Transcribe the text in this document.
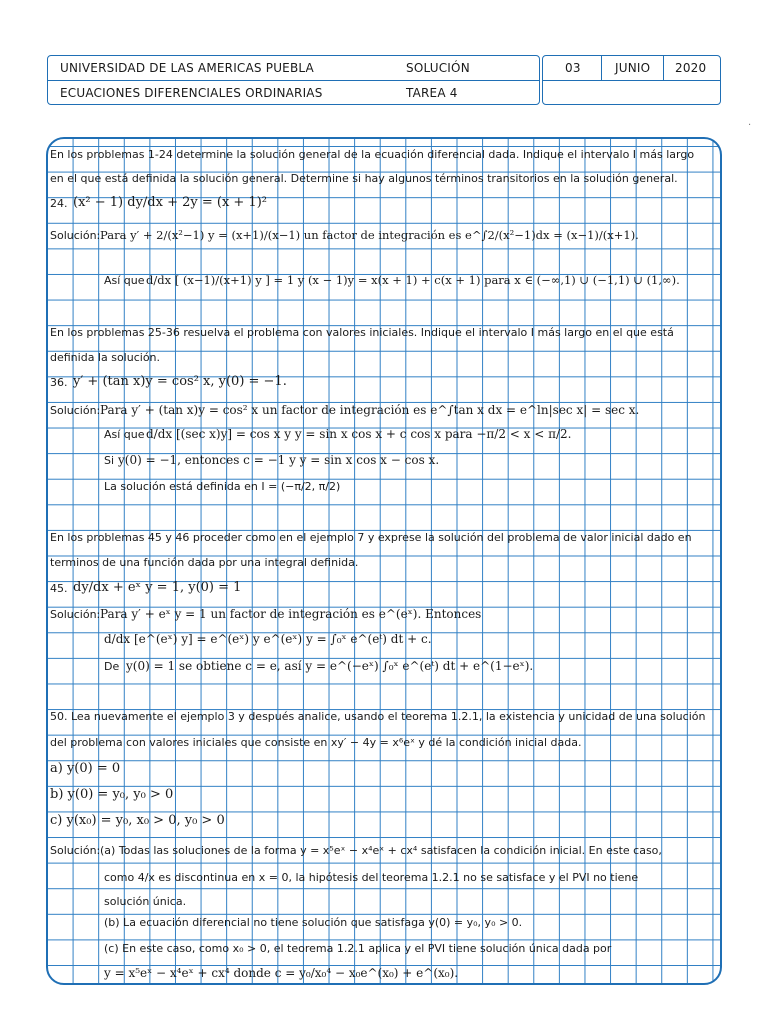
UNIVERSIDAD DE LAS AMERICAS PUEBLA	SOLUCIÓN
ECUACIONES DIFERENCIALES ORDINARIAS	TAREA 4
03	JUNIO 2020
·
En los problemas 1-24 determine la solución general de la ecuación diferencial dada. Indique el intervalo I más largo
en el que está definida la solución general. Determine si hay algunos términos transitorios en la solución general.
24. (x² − 1) dy/dx + 2y = (x + 1)²
Solución: Para y′ + 2/(x²−1) y = (x+1)/(x−1) un factor de integración es e^∫2/(x²−1)dx = (x−1)/(x+1).
Así que d/dx [ (x−1)/(x+1) y ] = 1 y (x − 1)y = x(x + 1) + c(x + 1) para x ∈ (−∞,1) ∪ (−1,1) ∪ (1,∞).
En los problemas 25-36 resuelva el problema con valores iniciales. Indique el intervalo I más largo en el que está
definida la solución.
36. y′ + (tan x)y = cos² x, y(0) = −1.
Solución: Para y′ + (tan x)y = cos² x un factor de integración es e^∫tan x dx = e^ln|sec x| = sec x.
Así que d/dx [(sec x)y] = cos x y y = sin x cos x + c cos x para −π/2 < x < π/2.
Si y(0) = −1, entonces c = −1 y y = sin x cos x − cos x.
La solución está definida en I = (−π/2, π/2)
En los problemas 45 y 46 proceder como en el ejemplo 7 y exprese la solución del problema de valor inicial dado en
terminos de una función dada por una integral definida.
45. dy/dx + eˣ y = 1, y(0) = 1
Solución: Para y′ + eˣ y = 1 un factor de integración es e^(eˣ). Entonces
d/dx [e^(eˣ) y] = e^(eˣ) y e^(eˣ) y = ∫₀ˣ e^(eᵗ) dt + c.
De y(0) = 1 se obtiene c = e, así y = e^(−eˣ) ∫₀ˣ e^(eᵗ) dt + e^(1−eˣ).
50. Lea nuevamente el ejemplo 3 y después analice, usando el teorema 1.2.1, la existencia y unicidad de una solución
del problema con valores iniciales que consiste en xy′ − 4y = x⁶eˣ y dé la condición inicial dada.
a) y(0) = 0
b) y(0) = y₀, y₀ > 0
c) y(x₀) = y₀, x₀ > 0, y₀ > 0
Solución: (a) Todas las soluciones de la forma y = x⁵eˣ − x⁴eˣ + cx⁴ satisfacen la condición inicial. En este caso,
como 4/x es discontinua en x = 0, la hipótesis del teorema 1.2.1 no se satisface y el PVI no tiene
solución única.
(b) La ecuación diferencial no tiene solución que satisfaga y(0) = y₀, y₀ > 0.
(c) En este caso, como x₀ > 0, el teorema 1.2.1 aplica y el PVI tiene solución única dada por
y = x⁵eˣ − x⁴eˣ + cx⁴ donde c = y₀/x₀⁴ − x₀e^(x₀) + e^(x₀).
